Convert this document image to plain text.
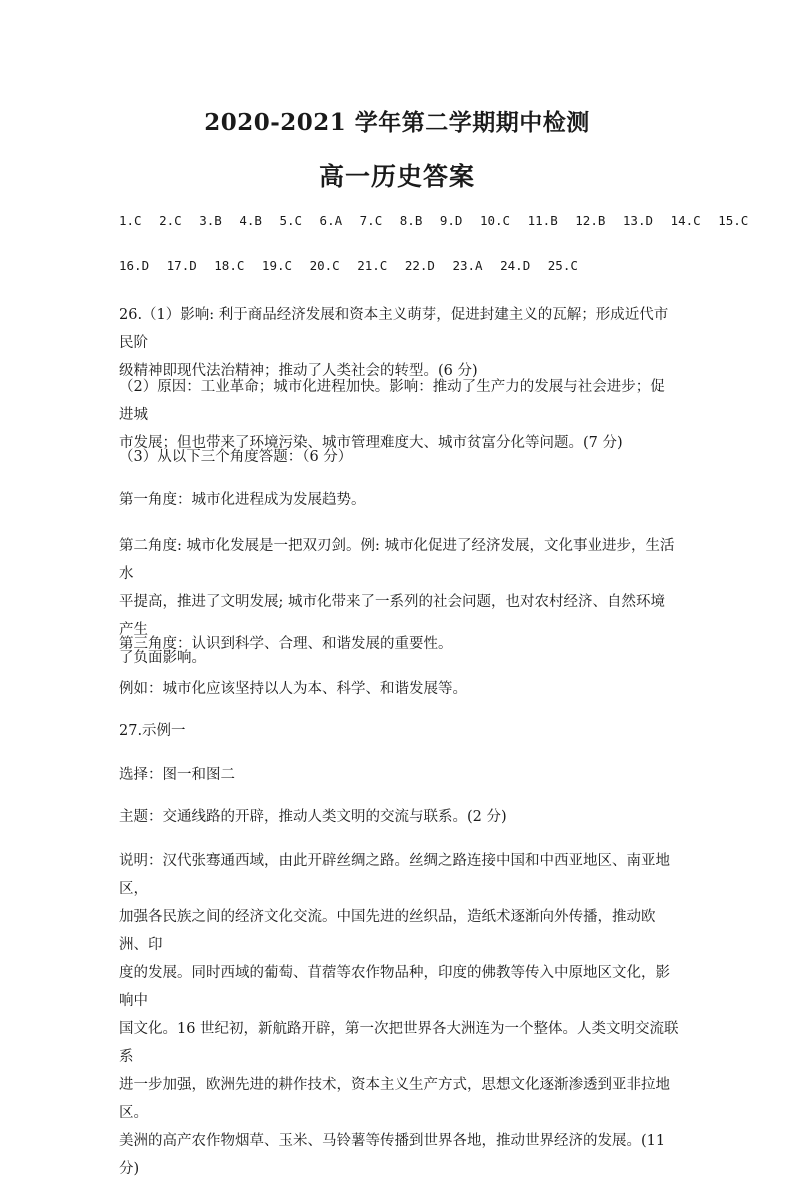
2020-2021 学年第二学期期中检测
高一历史答案
1.C 2.C 3.B 4.B 5.C 6.A 7.C 8.B 9.D 10.C 11.B 12.B 13.D 14.C 15.C
16.D 17.D 18.C 19.C 20.C 21.C 22.D 23.A 24.D 25.C
26.（1）影响: 利于商品经济发展和资本主义萌芽，促进封建主义的瓦解；形成近代市民阶
级精神即现代法治精神；推动了人类社会的转型。(6 分)
（2）原因：工业革命；城市化进程加快。影响：推动了生产力的发展与社会进步；促进城
市发展；但也带来了环境污染、城市管理难度大、城市贫富分化等问题。(7 分)
（3）从以下三个角度答题：（6 分）
第一角度：城市化进程成为发展趋势。
第二角度: 城市化发展是一把双刃剑。例: 城市化促进了经济发展，文化事业进步，生活水
平提高，推进了文明发展; 城市化带来了一系列的社会问题，也对农村经济、自然环境产生
了负面影响。
第三角度：认识到科学、合理、和谐发展的重要性。
例如：城市化应该坚持以人为本、科学、和谐发展等。
27.示例一
选择：图一和图二
主题：交通线路的开辟，推动人类文明的交流与联系。(2 分)
说明：汉代张骞通西域，由此开辟丝绸之路。丝绸之路连接中国和中西亚地区、南亚地区，
加强各民族之间的经济文化交流。中国先进的丝织品，造纸术逐渐向外传播，推动欧洲、印
度的发展。同时西域的葡萄、苜蓿等农作物品种，印度的佛教等传入中原地区文化，影响中
国文化。16 世纪初，新航路开辟，第一次把世界各大洲连为一个整体。人类文明交流联系
进一步加强，欧洲先进的耕作技术，资本主义生产方式，思想文化逐渐渗透到亚非拉地区。
美洲的高产农作物烟草、玉米、马铃薯等传播到世界各地，推动世界经济的发展。(11 分)
